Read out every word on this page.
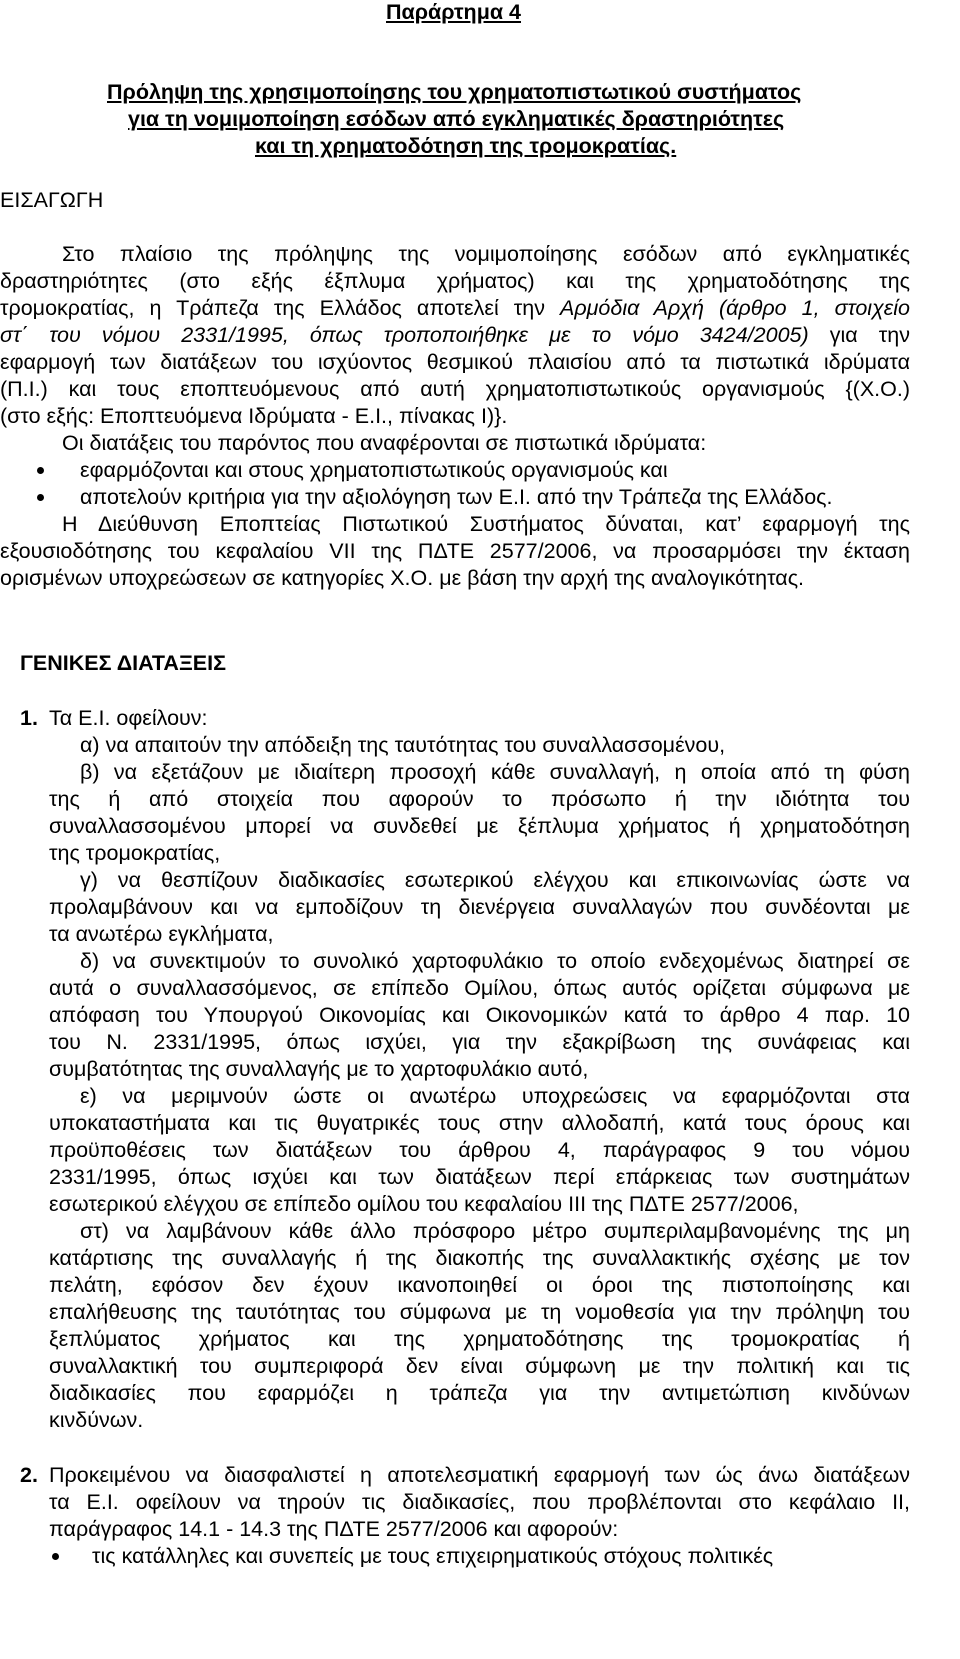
Παράρτημα 4
Πρόληψη της χρησιμοποίησης του χρηματοπιστωτικού συστήματος
για τη νομιμοποίηση εσόδων από εγκληματικές δραστηριότητες
και τη χρηματοδότηση της τρομοκρατίας.
ΕΙΣΑΓΩΓΗ
Στο πλαίσιο της πρόληψης της νομιμοποίησης εσόδων από εγκληματικές
δραστηριότητες (στο εξής έξπλυμα χρήματος) και της χρηματοδότησης της
τρομοκρατίας, η Τράπεζα της Ελλάδος αποτελεί την Αρμόδια Αρχή (άρθρο 1, στοιχείο
στ΄ του νόμου 2331/1995, όπως τροποποιήθηκε με το νόμο 3424/2005) για την
εφαρμογή των διατάξεων του ισχύοντος θεσμικού πλαισίου από τα πιστωτικά ιδρύματα
(Π.Ι.) και τους εποπτευόμενους από αυτή χρηματοπιστωτικούς οργανισμούς {(Χ.Ο.)
(στο εξής: Εποπτευόμενα Ιδρύματα - Ε.Ι., πίνακας Ι)}.
Οι διατάξεις του παρόντος που αναφέρονται σε πιστωτικά ιδρύματα:
εφαρμόζονται και στους χρηματοπιστωτικούς οργανισμούς και
αποτελούν κριτήρια για την αξιολόγηση των Ε.Ι. από την Τράπεζα της Ελλάδος.
Η Διεύθυνση Εποπτείας Πιστωτικού Συστήματος δύναται, κατ’ εφαρμογή της
εξουσιοδότησης του κεφαλαίου VII της ΠΔΤΕ 2577/2006, να προσαρμόσει την έκταση
ορισμένων υποχρεώσεων σε κατηγορίες Χ.Ο. με βάση την αρχή της αναλογικότητας.
ΓΕΝΙΚΕΣ ΔΙΑΤΑΞΕΙΣ
1. Τα Ε.Ι. οφείλουν:
α) να απαιτούν την απόδειξη της ταυτότητας του συναλλασσομένου,
β) να εξετάζουν με ιδιαίτερη προσοχή κάθε συναλλαγή, η οποία από τη φύση
της ή από στοιχεία που αφορούν το πρόσωπο ή την ιδιότητα του
συναλλασσομένου μπορεί να συνδεθεί με ξέπλυμα χρήματος ή χρηματοδότηση
της τρομοκρατίας,
γ) να θεσπίζουν διαδικασίες εσωτερικού ελέγχου και επικοινωνίας ώστε να
προλαμβάνουν και να εμποδίζουν τη διενέργεια συναλλαγών που συνδέονται με
τα ανωτέρω εγκλήματα,
δ) να συνεκτιμούν το συνολικό χαρτοφυλάκιο το οποίο ενδεχομένως διατηρεί σε
αυτά ο συναλλασσόμενος, σε επίπεδο Ομίλου, όπως αυτός ορίζεται σύμφωνα με
απόφαση του Υπουργού Οικονομίας και Οικονομικών κατά το άρθρο 4 παρ. 10
του Ν. 2331/1995, όπως ισχύει, για την εξακρίβωση της συνάφειας και
συμβατότητας της συναλλαγής με το χαρτοφυλάκιο αυτό,
ε) να μεριμνούν ώστε οι ανωτέρω υποχρεώσεις να εφαρμόζονται στα
υποκαταστήματα και τις θυγατρικές τους στην αλλοδαπή, κατά τους όρους και
προϋποθέσεις των διατάξεων του άρθρου 4, παράγραφος 9 του νόμου
2331/1995, όπως ισχύει και των διατάξεων περί επάρκειας των συστημάτων
εσωτερικού ελέγχου σε επίπεδο ομίλου του κεφαλαίου ΙΙΙ της ΠΔΤΕ 2577/2006,
στ) να λαμβάνουν κάθε άλλο πρόσφορο μέτρο συμπεριλαμβανομένης της μη
κατάρτισης της συναλλαγής ή της διακοπής της συναλλακτικής σχέσης με τον
πελάτη, εφόσον δεν έχουν ικανοποιηθεί οι όροι της πιστοποίησης και
επαλήθευσης της ταυτότητας του σύμφωνα με τη νομοθεσία για την πρόληψη του
ξεπλύματος χρήματος και της χρηματοδότησης της τρομοκρατίας ή
συναλλακτική του συμπεριφορά δεν είναι σύμφωνη με την πολιτική και τις
διαδικασίες που εφαρμόζει η τράπεζα για την αντιμετώπιση κινδύνων
κινδύνων.
2. Προκειμένου να διασφαλιστεί η αποτελεσματική εφαρμογή των ώς άνω διατάξεων
τα Ε.Ι. οφείλουν να τηρούν τις διαδικασίες, που προβλέπονται στο κεφάλαιο ΙΙ,
παράγραφος 14.1 - 14.3 της ΠΔΤΕ 2577/2006 και αφορούν:
τις κατάλληλες και συνεπείς με τους επιχειρηματικούς στόχους πολιτικές
